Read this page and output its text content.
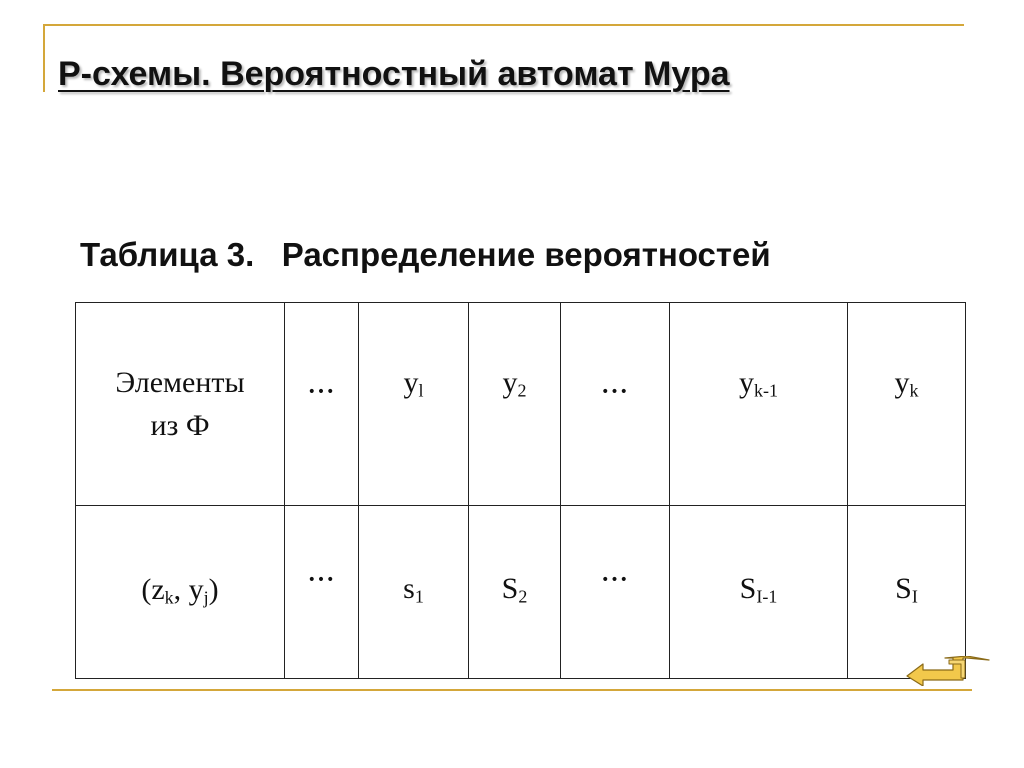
Р-схемы. Вероятностный автомат Мура
Таблица 3.   Распределение вероятностей
Элементы
из Ф	•••	$y_l$	$y_2$	•••	$y_{k-1}$	$y_k$
($z_k$, $y_j$)	•••	$s_1$	$S_2$	•••	$S_{I-1}$	$S_I$
